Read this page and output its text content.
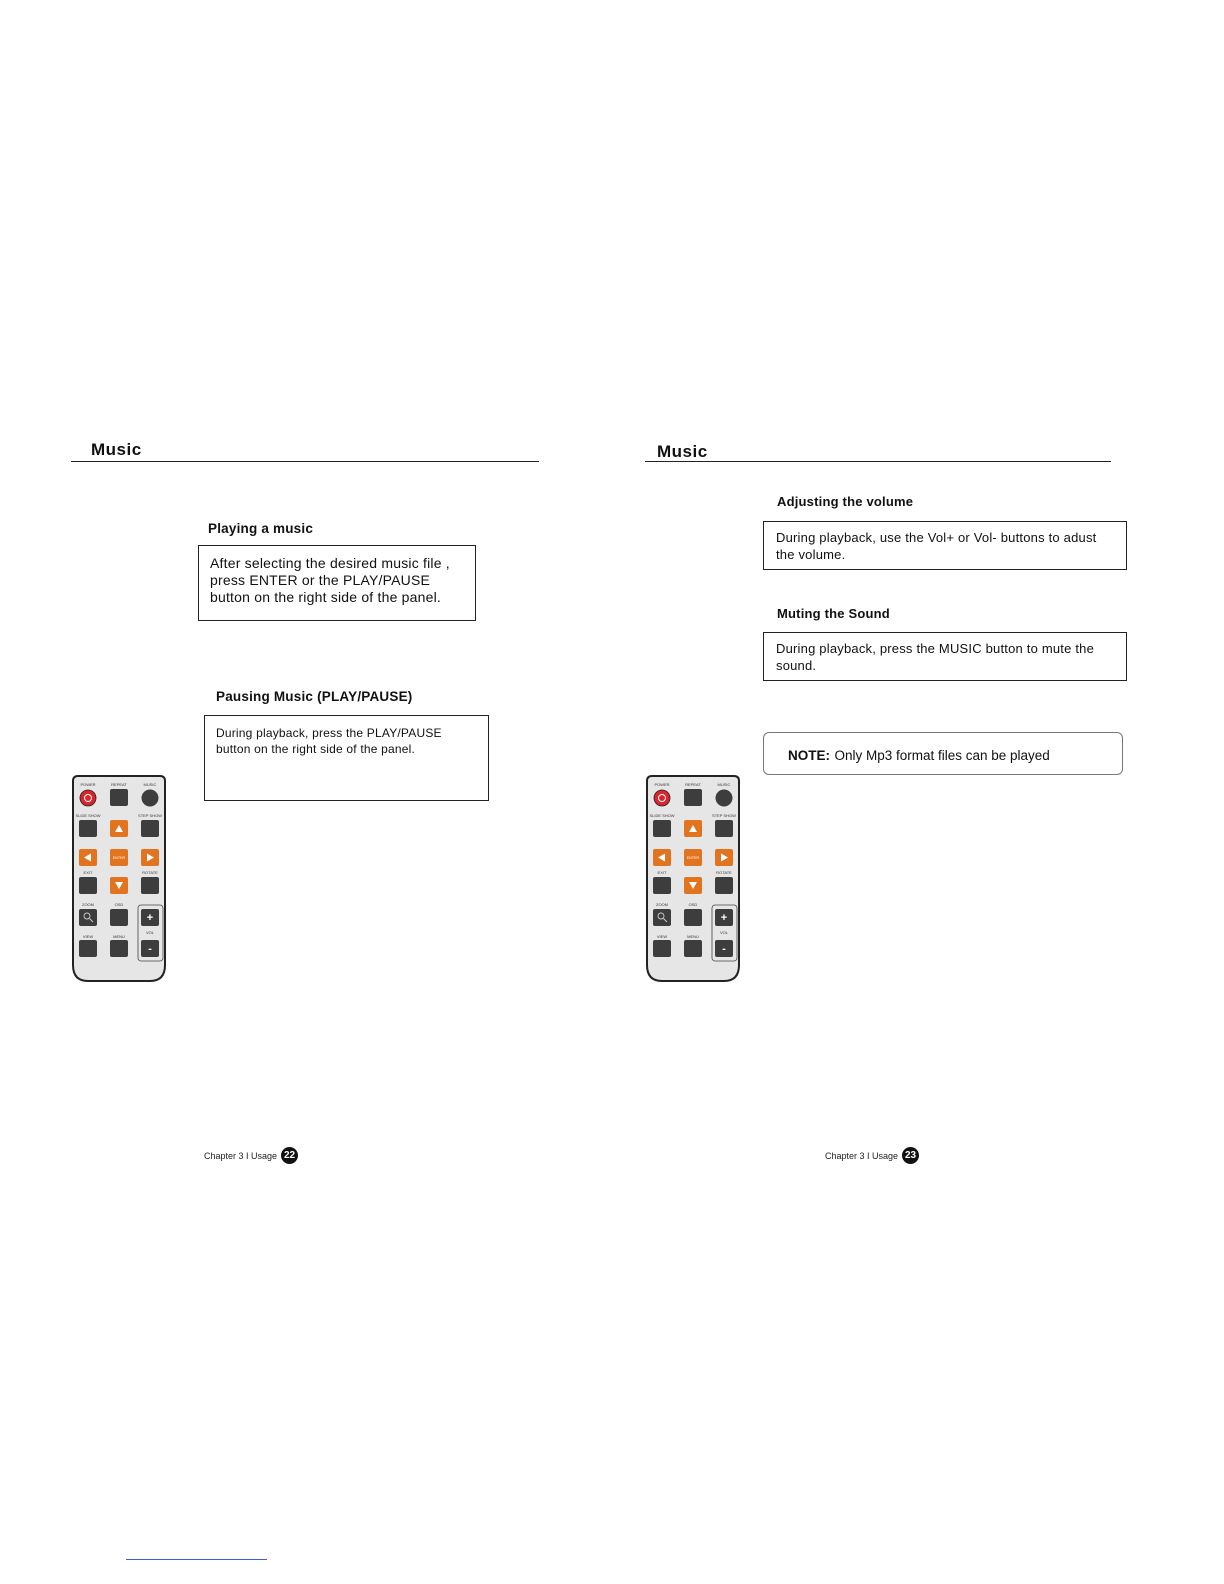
Music
Playing a music
After selecting the desired music file , press ENTER or the PLAY/PAUSE button on the right side of the panel.
Pausing Music (PLAY/PAUSE)
During playback, press the PLAY/PAUSE button on the right side of the panel.
POWER	REPEAT	MUSIC
SLIDE SHOW	STEP SHOW
EXIT	ROTATE
ZOOM	OSD
VIEW	MENU
VOL
ENTER
+
-
Chapter 3 I Usage 22
Music
Adjusting the volume
During playback, use the Vol+ or Vol- buttons to adust the volume.
Muting the Sound
During playback, press the MUSIC button to mute the sound.
NOTE: Only Mp3 format files can be played
POWER	REPEAT	MUSIC
SLIDE SHOW	STEP SHOW
EXIT	ROTATE
ZOOM	OSD
VIEW	MENU
VOL
ENTER
+
-
Chapter 3 I Usage 23
